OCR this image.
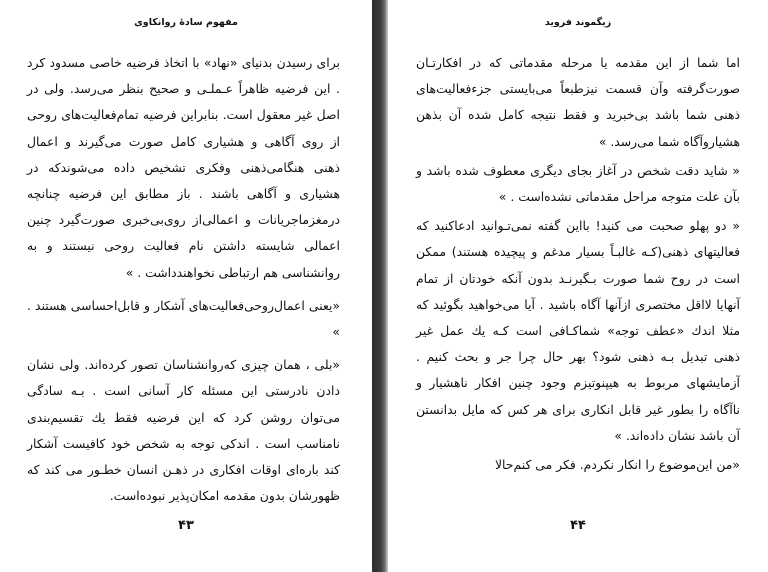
مفهوم سادهٔ روانکاوی

برای رسیدن بدنیای «نهاد» با اتخاذ فرضیه خاصی مسدود کرد . این فرضیه ظاهراً عـملـی و صحیح بنظر می‌رسد. ولی در اصل غیر معقول است. بنابراین فرضیه تمام‌فعالیت‌های روحی از روی آگاهی و هشیاری کامل صورت می‌گیرند و اعمال ذهنی هنگامی‌ذهنی وفکری تشخیص داده می‌شوندکه در هشیاری و آگاهی باشند . باز مطابق این فرضیه چنانچه درمغزماجریانات و اعمالی‌از روی‌بی‌خبری صورت‌گیرد چنین اعمالی شایسته داشتن نام فعالیت روحی نیستند و به روانشناسی هم ارتباطی نخواهندداشت . »

«یعنی اعمال‌روحی‌فعالیت‌های آشکار و قابل‌احساسی هستند . »

«بلی ، همان چیزی کەروانشناسان تصور کرده‌اند. ولی نشان دادن نادرستی این مسئله کار آسانی است . بـه سادگی می‌توان روشن کرد که این فرضیه فقط یك تقسیم‌بندی نامناسب است . اندکی توجه به شخص خود کافیست آشکار کند بارەای اوقات افکاری در ذهـن انسان خطـور می کند که ظهورشان بدون مقدمه امکان‌پذیر نبوده‌است.

۴۳
زیگموند فروید

اما شما از این مقدمه یا مرحله مقدماتی که در افکارتـان صورت‌گرفته وآن قسمت نیزطبعاً می‌بایستی جزءفعالیت‌های ذهنی شما باشد بی‌خبرید و فقط نتیجه کامل شده آن بذهن هشیاروآگاه شما می‌رسد. »

« شاید دقت شخص در آغاز بجای دیگری معطوف شده باشد و بآن علت متوجه مراحل مقدماتی نشده‌است . »

« دو پهلو صحبت می کنید! بااین گفته نمی‌تـوانید ادعاکنید که فعالیتهای ذهنی(کـه غالبـاً بسیار مدغم و پیچیده هستند) ممکن است در روح شما صورت بـگیرنـد بدون آنکه خودتان از تمام آنهایا لااقل مختصری ازآنها آگاه باشید . آیا می‌خواهید بگوئید که مثلا اندك «عطف توجه» شماکـافی است کـه یك عمل غیر ذهنی تبدیل بـه ذهنی شود؟ بهر حال چرا جر و بحث کنیم . آزمایشهای مربوط به هیپنوتیزم وجود چنین افکار ناهشیار و ناآگاه را بطور غیر قابل انکاری برای هر کس که مایل بدانستن آن باشد نشان داده‌اند. »

«من این‌موضوع را انکار نکردم. فکر می کنم‌حالا

۴۴
